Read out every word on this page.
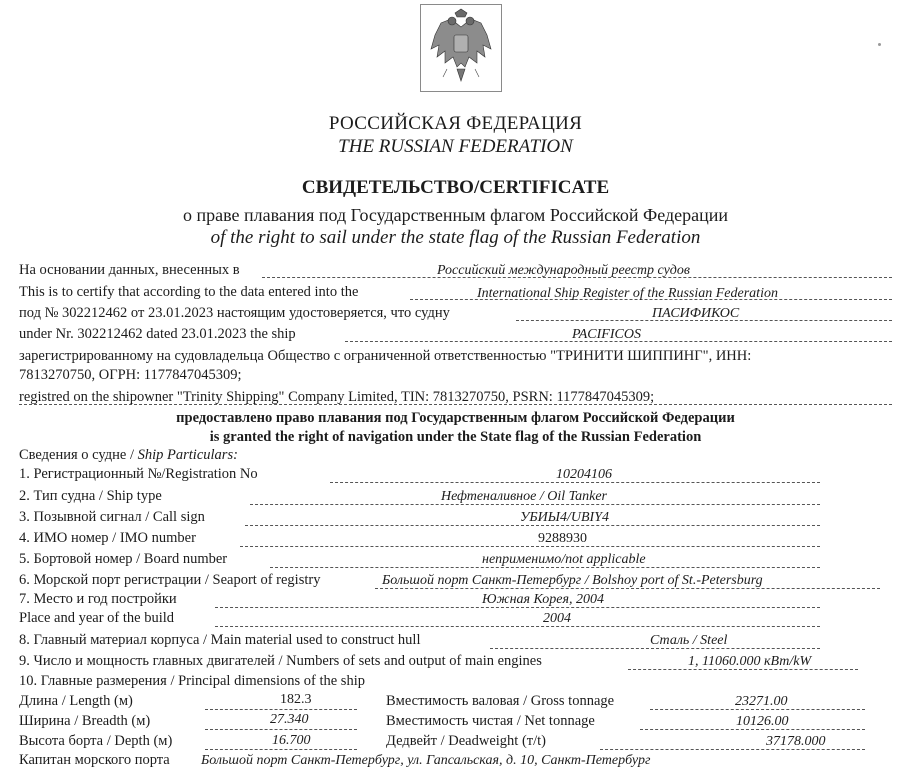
РОССИЙСКАЯ ФЕДЕРАЦИЯ
THE RUSSIAN FEDERATION
СВИДЕТЕЛЬСТВО/CERTIFICATE
о праве плавания под Государственным флагом Российской Федерации
of the right to sail under the state flag of the Russian Federation
На основании данных, внесенных в	Российский международный реестр судов
This is to certify that according to the data entered into the	International Ship Register of the Russian Federation
под № 302212462 от 23.01.2023 настоящим удостоверяется, что судну	ПАСИФИКОС
under Nr. 302212462 dated 23.01.2023 the ship	PACIFICOS
зарегистрированному на судовладельца Общество с ограниченной ответственностью "ТРИНИТИ ШИППИНГ", ИНН:
7813270750, ОГРН: 1177847045309;
registred on the shipowner "Trinity Shipping" Company Limited, TIN: 7813270750, PSRN: 1177847045309;
предоставлено право плавания под Государственным флагом Российской Федерации
is granted the right of navigation under the State flag of the Russian Federation
Сведения о судне / Ship Particulars:
1. Регистрационный №/Registration No	10204106
2. Тип судна / Ship type	Нефтеналивное / Oil Tanker
3. Позывной сигнал / Call sign	УБИЫ4/UBIY4
4. ИМО номер / IMO number	9288930
5. Бортовой номер / Board number	неприменимо/not applicable
6. Морской порт регистрации / Seaport of registry	Большой порт Санкт-Петербург / Bolshoy port of St.-Petersburg
7. Место и год постройки	Южная Корея, 2004
Place and year of the build	2004
8. Главный материал корпуса / Main material used to construct hull	Сталь / Steel
9. Число и мощность главных двигателей / Numbers of sets and output of main engines	1, 11060.000 кВт/kW
10. Главные размерения / Principal dimensions of the ship
Длина / Length (м)	182.3	Вместимость валовая / Gross tonnage	23271.00
Ширина / Breadth (м)	27.340	Вместимость чистая / Net tonnage	10126.00
Высота борта / Depth (м)	16.700	Дедвейт / Deadweight (т/t)	37178.000
Капитан морского порта Большой порт Санкт-Петербург, ул. Гапсальская, д. 10, Санкт-Петербург
